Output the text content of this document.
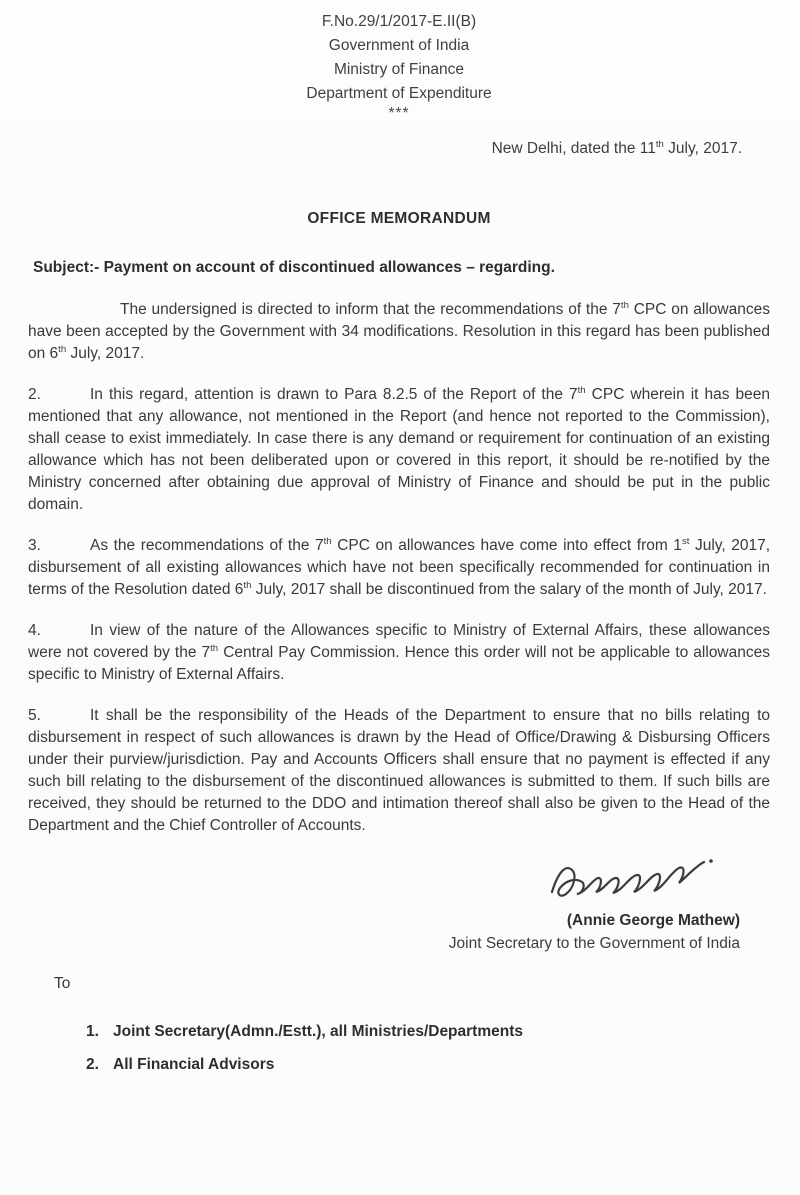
F.No.29/1/2017-E.II(B)
Government of India
Ministry of Finance
Department of Expenditure
***
New Delhi, dated the 11th July, 2017.
OFFICE MEMORANDUM
Subject:- Payment on account of discontinued allowances – regarding.
The undersigned is directed to inform that the recommendations of the 7th CPC on allowances have been accepted by the Government with 34 modifications. Resolution in this regard has been published on 6th July, 2017.
2.	In this regard, attention is drawn to Para 8.2.5 of the Report of the 7th CPC wherein it has been mentioned that any allowance, not mentioned in the Report (and hence not reported to the Commission), shall cease to exist immediately. In case there is any demand or requirement for continuation of an existing allowance which has not been deliberated upon or covered in this report, it should be re-notified by the Ministry concerned after obtaining due approval of Ministry of Finance and should be put in the public domain.
3.	As the recommendations of the 7th CPC on allowances have come into effect from 1st July, 2017, disbursement of all existing allowances which have not been specifically recommended for continuation in terms of the Resolution dated 6th July, 2017 shall be discontinued from the salary of the month of July, 2017.
4.	In view of the nature of the Allowances specific to Ministry of External Affairs, these allowances were not covered by the 7th Central Pay Commission. Hence this order will not be applicable to allowances specific to Ministry of External Affairs.
5.	It shall be the responsibility of the Heads of the Department to ensure that no bills relating to disbursement in respect of such allowances is drawn by the Head of Office/Drawing & Disbursing Officers under their purview/jurisdiction. Pay and Accounts Officers shall ensure that no payment is effected if any such bill relating to the disbursement of the discontinued allowances is submitted to them. If such bills are received, they should be returned to the DDO and intimation thereof shall also be given to the Head of the Department and the Chief Controller of Accounts.
(Annie George Mathew)
Joint Secretary to the Government of India
To
1. Joint Secretary(Admn./Estt.), all Ministries/Departments
2. All Financial Advisors
